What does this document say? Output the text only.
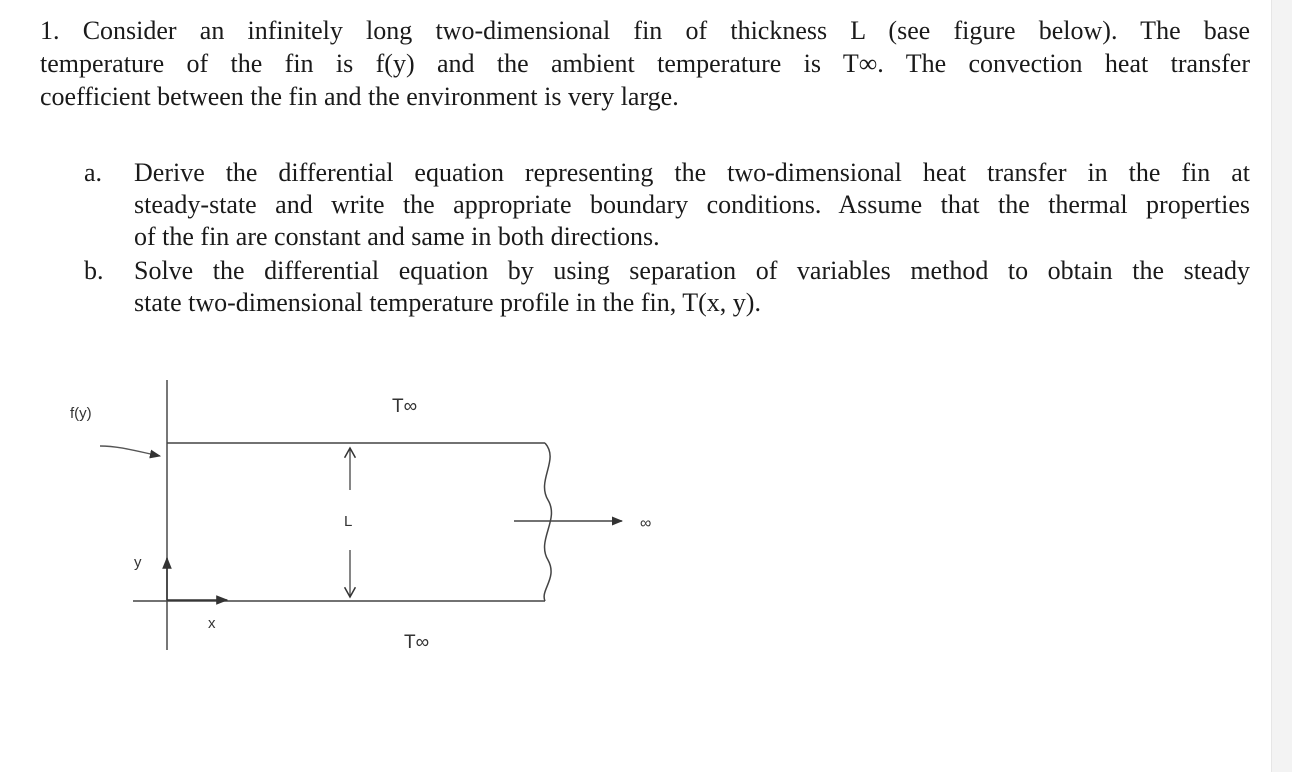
1. Consider an infinitely long two-dimensional fin of thickness L (see figure below). The base
temperature of the fin is f(y) and the ambient temperature is T∞. The convection heat transfer
coefficient between the fin and the environment is very large.
a. Derive the differential equation representing the two-dimensional heat transfer in the fin at
steady-state and write the appropriate boundary conditions. Assume that the thermal properties
of the fin are constant and same in both directions.
b. Solve the differential equation by using separation of variables method to obtain the steady
state two-dimensional temperature profile in the fin, T(x, y).
f(y)	T∞
T∞
L
y
x
∞
